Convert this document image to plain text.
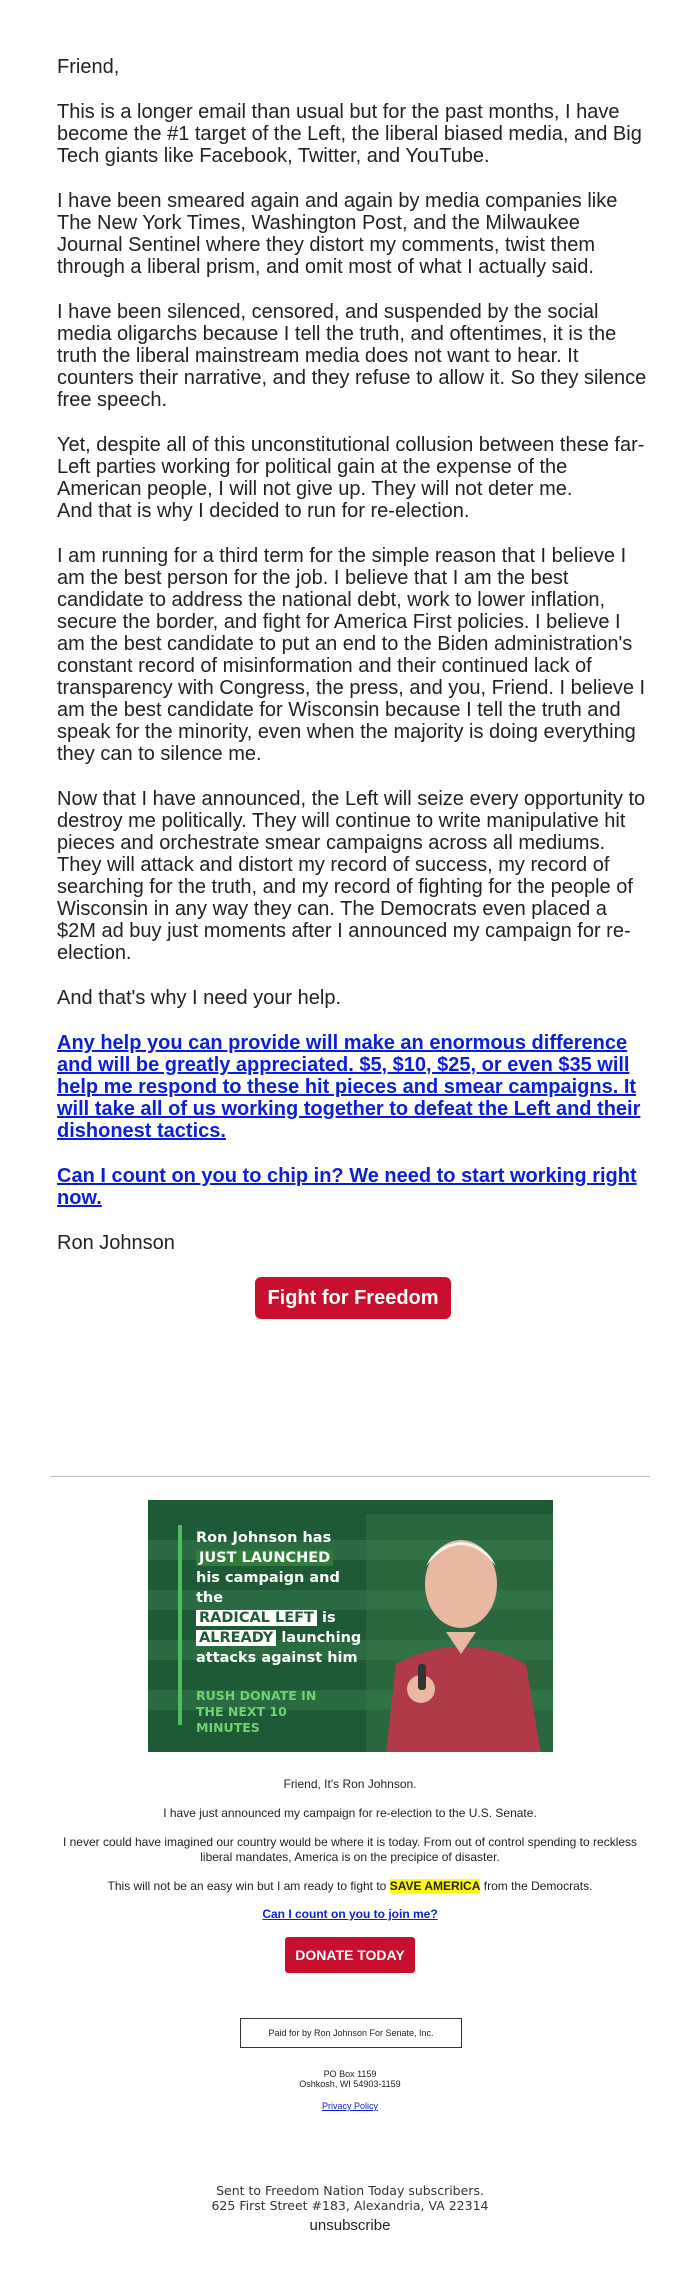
Friend,

This is a longer email than usual but for the past months, I have become the #1 target of the Left, the liberal biased media, and Big Tech giants like Facebook, Twitter, and YouTube.

I have been smeared again and again by media companies like The New York Times, Washington Post, and the Milwaukee Journal Sentinel where they distort my comments, twist them through a liberal prism, and omit most of what I actually said.

I have been silenced, censored, and suspended by the social media oligarchs because I tell the truth, and oftentimes, it is the truth the liberal mainstream media does not want to hear. It counters their narrative, and they refuse to allow it. So they silence free speech.

Yet, despite all of this unconstitutional collusion between these far-Left parties working for political gain at the expense of the American people, I will not give up. They will not deter me.
And that is why I decided to run for re-election.

I am running for a third term for the simple reason that I believe I am the best person for the job. I believe that I am the best candidate to address the national debt, work to lower inflation, secure the border, and fight for America First policies. I believe I am the best candidate to put an end to the Biden administration's constant record of misinformation and their continued lack of transparency with Congress, the press, and you, Friend. I believe I am the best candidate for Wisconsin because I tell the truth and speak for the minority, even when the majority is doing everything they can to silence me.

Now that I have announced, the Left will seize every opportunity to destroy me politically. They will continue to write manipulative hit pieces and orchestrate smear campaigns across all mediums. They will attack and distort my record of success, my record of searching for the truth, and my record of fighting for the people of Wisconsin in any way they can. The Democrats even placed a $2M ad buy just moments after I announced my campaign for re-election.

And that's why I need your help.

Any help you can provide will make an enormous difference and will be greatly appreciated. $5, $10, $25, or even $35 will help me respond to these hit pieces and smear campaigns. It will take all of us working together to defeat the Left and their dishonest tactics.

Can I count on you to chip in? We need to start working right now.

Ron Johnson

Fight for Freedom
Ron Johnson has
JUST LAUNCHED
his campaign and the
RADICAL LEFT is
ALREADY launching
attacks against him
RUSH DONATE IN THE NEXT 10 MINUTES
Friend, It's Ron Johnson.
I have just announced my campaign for re-election to the U.S. Senate.
I never could have imagined our country would be where it is today. From out of control spending to reckless liberal mandates, America is on the precipice of disaster.
This will not be an easy win but I am ready to fight to SAVE AMERICA from the Democrats.
Can I count on you to join me?
DONATE TODAY
Paid for by Ron Johnson For Senate, Inc.
PO Box 1159
Oshkosh, WI 54903-1159
Privacy Policy
Sent to Freedom Nation Today subscribers.
625 First Street #183, Alexandria, VA 22314
unsubscribe
